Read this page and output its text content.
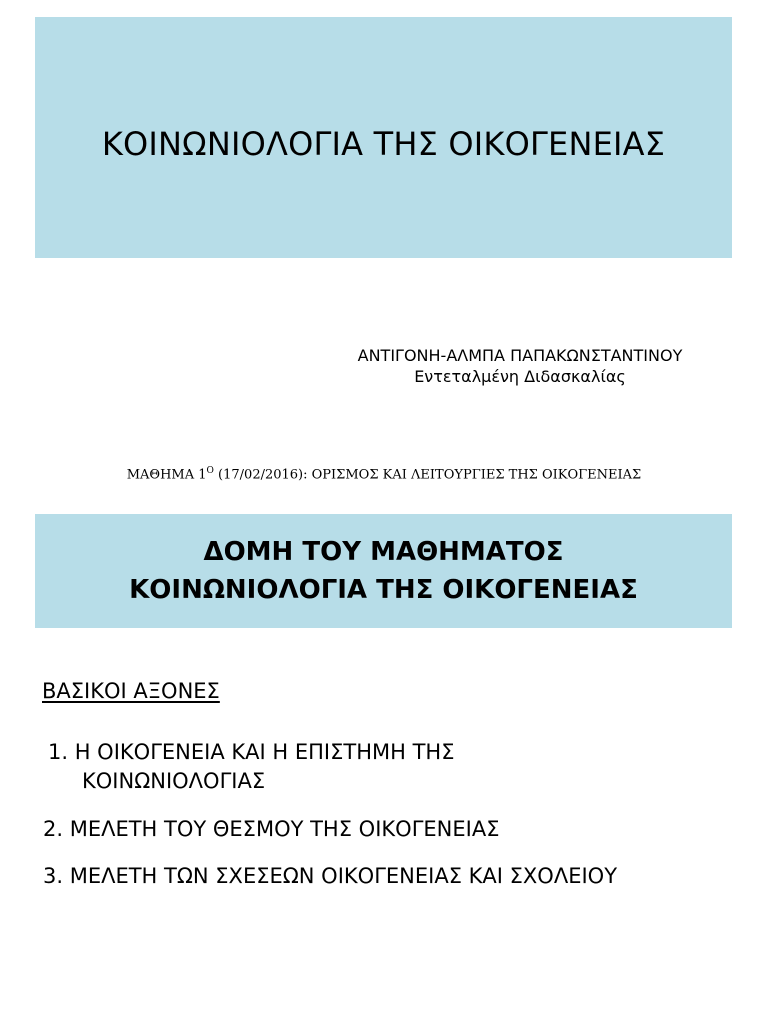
ΚΟΙΝΩΝΙΟΛΟΓΙΑ ΤΗΣ ΟΙΚΟΓΕΝΕΙΑΣ
ΑΝΤΙΓΟΝΗ-ΑΛΜΠΑ ΠΑΠΑΚΩΝΣΤΑΝΤΙΝΟΥ
Εντεταλμένη Διδασκαλίας
ΜΑΘΗΜΑ $1^O$ (17/02/2016): ΟΡΙΣΜΟΣ ΚΑΙ ΛΕΙΤΟΥΡΓΙΕΣ ΤΗΣ ΟΙΚΟΓΕΝΕΙΑΣ
ΔΟΜΗ ΤΟΥ ΜΑΘΗΜΑΤΟΣ
ΚΟΙΝΩΝΙΟΛΟΓΙΑ ΤΗΣ ΟΙΚΟΓΕΝΕΙΑΣ
ΒΑΣΙΚΟΙ ΑΞΟΝΕΣ
1. Η ΟΙΚΟΓΕΝΕΙΑ ΚΑΙ Η ΕΠΙΣΤΗΜΗ ΤΗΣ
ΚΟΙΝΩΝΙΟΛΟΓΙΑΣ
2. ΜΕΛΕΤΗ ΤΟΥ ΘΕΣΜΟΥ ΤΗΣ ΟΙΚΟΓΕΝΕΙΑΣ
3. ΜΕΛΕΤΗ ΤΩΝ ΣΧΕΣΕΩΝ ΟΙΚΟΓΕΝΕΙΑΣ ΚΑΙ ΣΧΟΛΕΙΟΥ
